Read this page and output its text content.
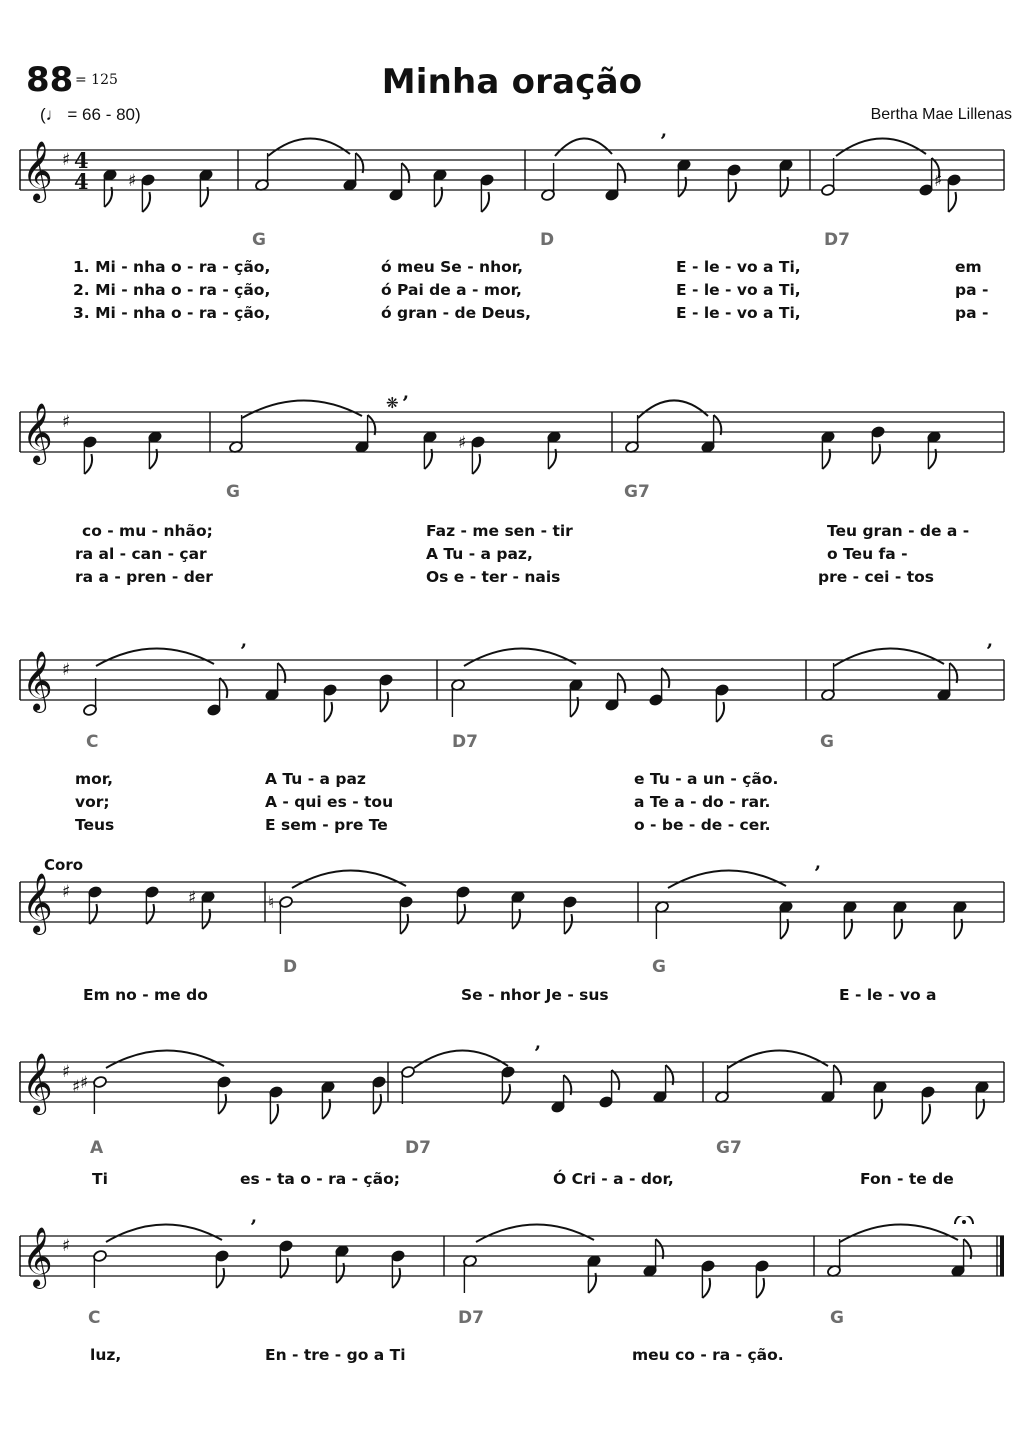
88 = 125
(♩ = 66 - 80)
Minha oração
Bertha Mae Lillenas
𝄞 ♯ 4
4 ♯	♯
’
G	D	D7
1. Mi - nha o - ra - ção,	ó meu Se - nhor,	E - le - vo a Ti,	em
2. Mi - nha o - ra - ção,	ó Pai de a - mor,	E - le - vo a Ti,	pa -
3. Mi - nha o - ra - ção,	ó gran - de Deus,	E - le - vo a Ti,	pa -
𝄞 ♯
♯
’
❋
G	G7
co - mu - nhão;	Faz - me sen - tir	Teu gran - de a -
ra al - can - çar	A Tu - a paz,	o Teu fa -
ra a - pren - der	Os e - ter - nais	pre - cei - tos
𝄞 ♯
’	’
C	D7	G
mor,	A Tu - a paz	e Tu - a un - ção.
vor;	A - qui es - tou	a Te a - do - rar.
Teus	E sem - pre Te	o - be - de - cer.
𝄞 ♯	♯	♮
’
Coro
D	G
Em no - me do	Se - nhor Je - sus	E - le - vo a
𝄞 ♯
♯ ♯
’
A	D7	G7
Ti	es - ta o - ra - ção;	Ó Cri - a - dor,	Fon - te de
𝄞 ♯
’
C	D7	G
luz,	En - tre - go a Ti	meu co - ra - ção.
